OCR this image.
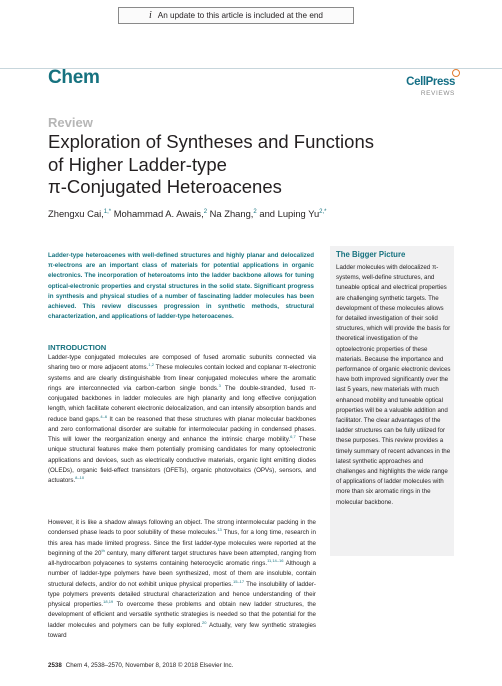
i An update to this article is included at the end
Chem	CellPress
REVIEWS
Review
Exploration of Syntheses and Functions
of Higher Ladder-type
π-Conjugated Heteroacenes
Zhengxu Cai,$^{1,*}$ Mohammad A. Awais,$^2$ Na Zhang,$^2$ and Luping $Yu^{2,*}$

Ladder-type heteroacenes with well-defined structures and highly planar and delocalized π-electrons are an important class of materials for potential applications in organic electronics. The incorporation of heteroatoms into the ladder backbone allows for tuning optical-electronic properties and crystal structures in the solid state. Significant progress in synthesis and physical studies of a number of fascinating ladder molecules has been achieved. This review discusses progression in synthetic methods, structural characterization, and applications of ladder-type heteroacenes.

INTRODUCTION

Ladder-type conjugated molecules are composed of fused aromatic subunits connected via sharing two or more adjacent atoms.$^{1,2}$ These molecules contain locked and coplanar π-electronic systems and are clearly distinguishable from linear conjugated molecules where the aromatic rings are interconnected via carbon-carbon single bonds.$^3$ The double-stranded, fused π-conjugated backbones in ladder molecules are high planarity and long effective conjugation length, which facilitate coherent electronic delocalization, and can intensify absorption bands and reduce band gaps.$^{4-6}$ It can be reasoned that these structures with planar molecular backbones and zero conformational disorder are suitable for intermolecular packing in condensed phases. This will lower the reorganization energy and enhance the intrinsic charge mobility.$^{6,7}$ These unique structural features make them potentially promising candidates for many optoelectronic applications and devices, such as electrically conductive materials, organic light emitting diodes (OLEDs), organic field-effect transistors (OFETs), organic photovoltaics (OPVs), sensors, and actuators.$^{8-10}$

However, it is like a shadow always following an object. The strong intermolecular packing in the condensed phase leads to poor solubility of these molecules.$^{13}$ Thus, for a long time, research in this area has made limited progress. Since the first ladder-type molecules were reported at the beginning of the 20th century, many different target structures have been attempted, ranging from all-hydrocarbon polyacenes to systems containing heterocyclic aromatic rings.$^{11,14-16}$ Although a number of ladder-type polymers have been synthesized, most of them are insoluble, contain structural defects, and/or do not exhibit unique physical properties.$^{15-17}$ The insolubility of ladder-type polymers prevents detailed structural characterization and hence understanding of their physical properties.$^{18,19}$ To overcome these problems and obtain new ladder structures, the development of efficient and versatile synthetic strategies is needed so that the potential for the ladder molecules and polymers can be fully explored.$^{20}$ Actually, very few synthetic strategies toward

The Bigger Picture

Ladder molecules with delocalized π-systems, well-define structures, and tuneable optical and electrical properties are challenging synthetic targets. The development of these molecules allows for detailed investigation of their solid structures, which will provide the basis for theoretical investigation of the optoelectronic properties of these materials. Because the importance and performance of organic electronic devices have both improved significantly over the last 5 years, new materials with much enhanced mobility and tuneable optical properties will be a valuable addition and facilitator. The clear advantages of the ladder structures can be fully utilized for these purposes. This review provides a timely summary of recent advances in the latest synthetic approaches and challenges and highlights the wide range of applications of ladder molecules with more than six aromatic rings in the molecular backbone.

2538 Chem 4, 2538–2570, November 8, 2018 © 2018 Elsevier Inc.
